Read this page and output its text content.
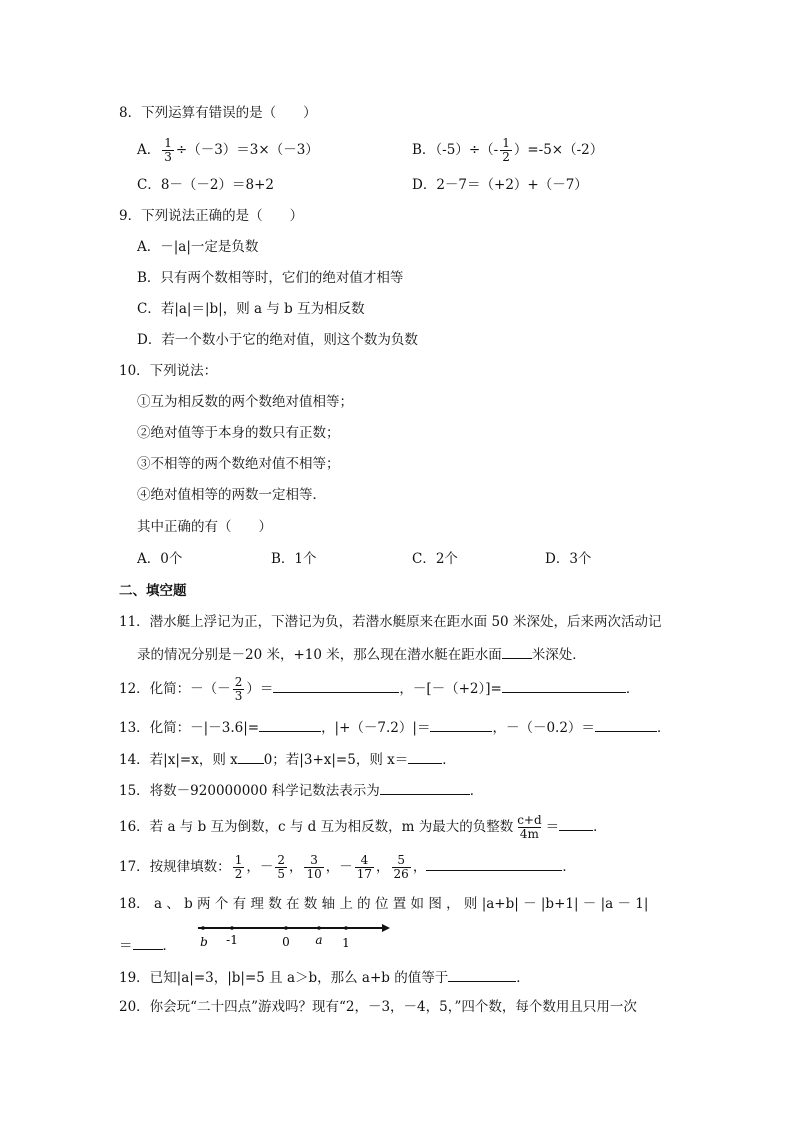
8．下列运算有错误的是（　　）
A． $\frac{1}{3} \div(-3)=3\times(-3)$	B．$(-5)\div(- \frac{1}{2} )=-5\times(-2)$
C．8－（－2）＝8+2	D．2－7＝（+2）+（－7）
9．下列说法正确的是（　　）
A．－|a|一定是负数
B．只有两个数相等时，它们的绝对值才相等
C．若|a|＝|b|，则 a 与 b 互为相反数
D．若一个数小于它的绝对值，则这个数为负数
10．下列说法：
①互为相反数的两个数绝对值相等；
②绝对值等于本身的数只有正数；
③不相等的两个数绝对值不相等；
④绝对值相等的两数一定相等．
其中正确的有（　　）
A．0个	B．1个	C．2个	D．3个
二、填空题
11．潜水艇上浮记为正，下潜记为负，若潜水艇原来在距水面 50 米深处，后来两次活动记
录的情况分别是－20 米，+10 米，那么现在潜水艇在距水面 米深处．
12．化简：－（－ $\frac{2}{3}$ ）＝	，－[－（+2）]=	．
13．化简：－|－3.6|=	，|+（－7.2）|＝	，－（－0.2）＝	．
14．若|x|=x，则 x 0；若|3+x|=5，则 x＝	．
15．将数－920000000 科学记数法表示为	．
16．若 a 与 b 互为倒数，c 与 d 互为相反数，m 为最大的负整数 $\frac{c+d}{4m}$ ＝	．
17．按规律填数： $\frac{1}{2}$ ，－ $\frac{2}{5}$ ， $\frac{3}{10}$ ，－ $\frac{4}{17}$ ， $\frac{5}{26}$ ，	．
18． a 、 b 两 个 有 理 数 在 数 轴 上 的 位 置 如 图 ， 则 |a+b| － |b+1| － |a － 1|
＝ ． b -1	0 a 1
19．已知|a|=3，|b|=5 且 a＞b，那么 a+b 的值等于	．
20．你会玩“二十四点”游戏吗？现有“2，－3，－4，5，”四个数，每个数用且只用一次
